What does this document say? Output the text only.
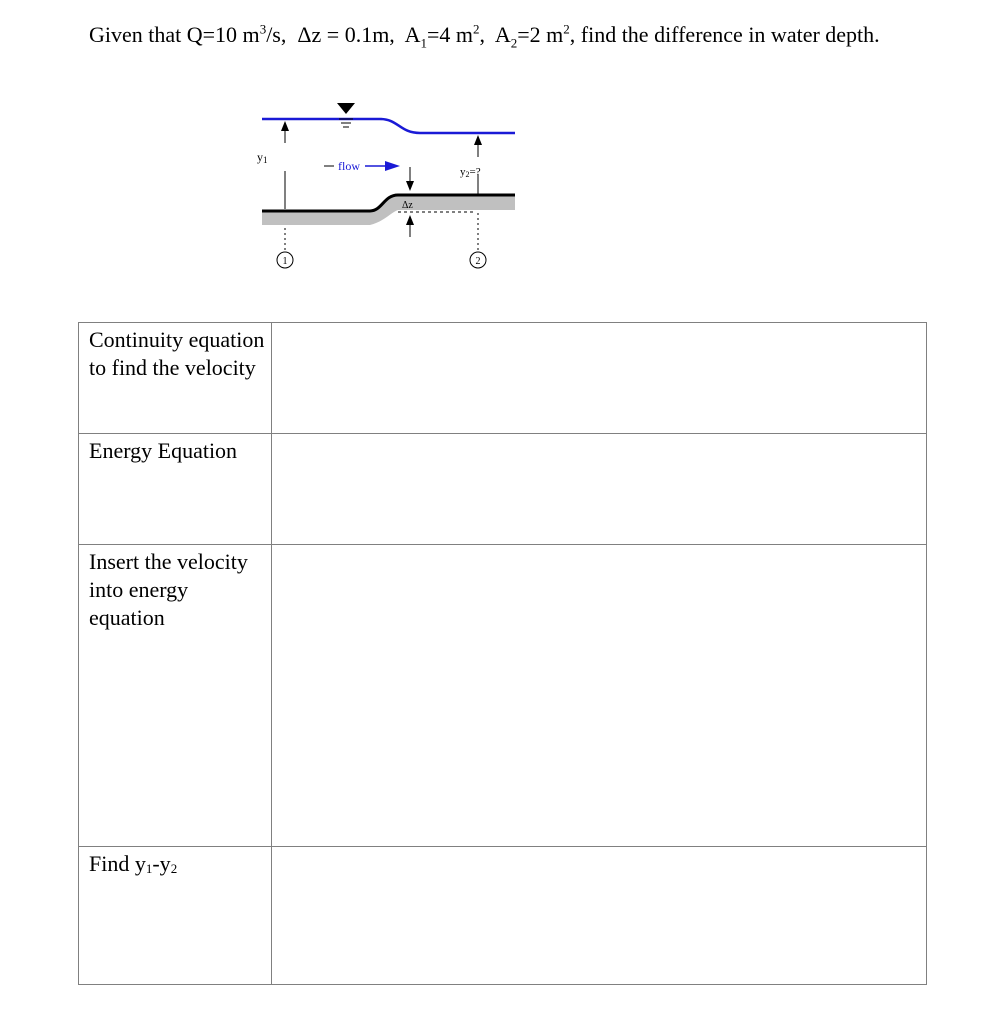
Given that Q=10 $m^3/s$, Δz = 0.1m, $A_1=4$ $m^2$,  $A_2=2$ $m^2$, find the difference in water depth.

y1	flow
Δz
y2=?
1	2
Continuity equation to find the velocity	
Energy Equation	
Insert the velocity into energy equation	
Find $y_1-y_2$	
